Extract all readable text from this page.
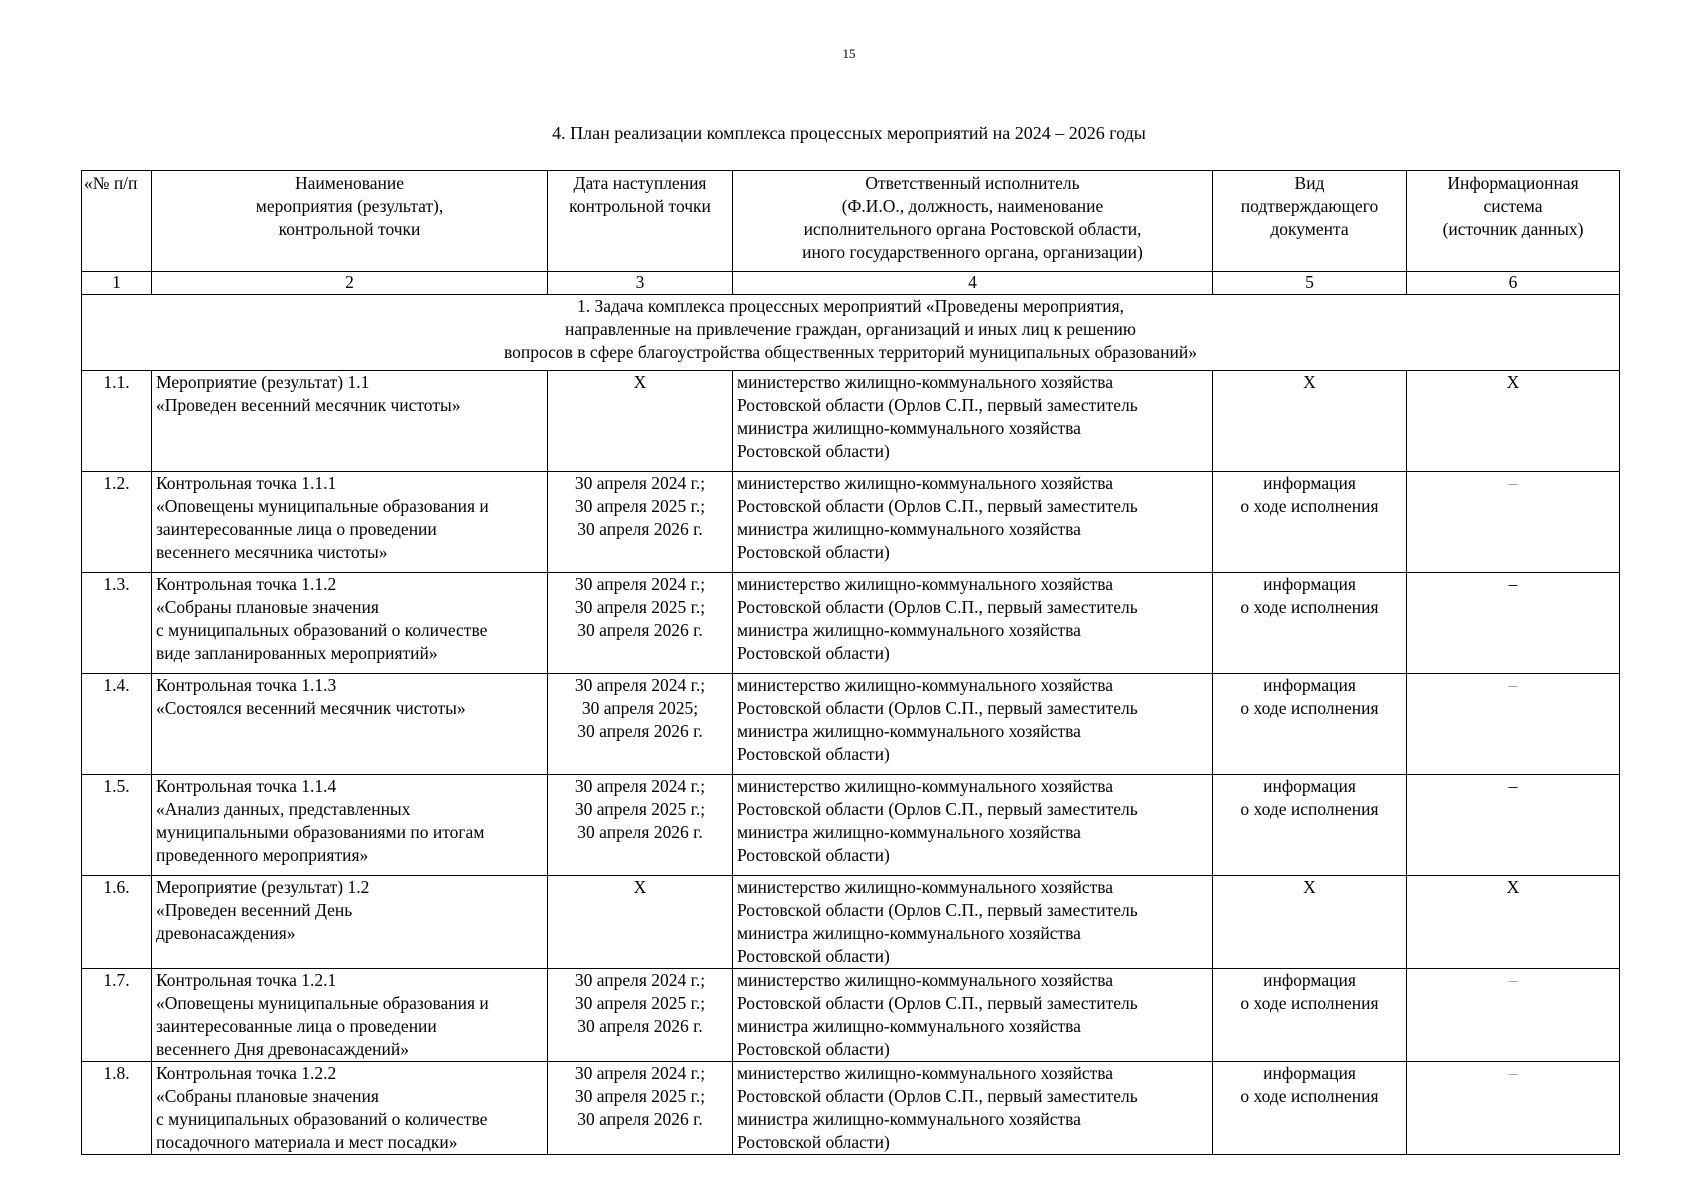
15
4. План реализации комплекса процессных мероприятий на 2024 – 2026 годы
«№ п/п	Наименование
мероприятия (результат),
контрольной точки	Дата наступления
контрольной точки	Ответственный исполнитель
(Ф.И.О., должность, наименование
исполнительного органа Ростовской области,
иного государственного органа, организации)	Вид
подтверждающего
документа	Информационная
система
(источник данных)

1	2	3	4	5	6

1. Задача комплекса процессных мероприятий «Проведены мероприятия,
направленные на привлечение граждан, организаций и иных лиц к решению
вопросов в сфере благоустройства общественных территорий муниципальных образований»					

1.1.	Мероприятие (результат) 1.1
«Проведен весенний месячник чистоты»	Х	министерство жилищно-коммунального хозяйства
Ростовской области (Орлов С.П., первый заместитель
министра жилищно-коммунального хозяйства
Ростовской области)	Х	Х
1.2.	Контрольная точка 1.1.1
«Оповещены муниципальные образования и
заинтересованные лица о проведении
весеннего месячника чистоты»	30 апреля 2024 г.;
30 апреля 2025 г.;
30 апреля 2026 г.	министерство жилищно-коммунального хозяйства
Ростовской области (Орлов С.П., первый заместитель
министра жилищно-коммунального хозяйства
Ростовской области)	информация
о ходе исполнения	–
1.3.	Контрольная точка 1.1.2
«Собраны плановые значения
с муниципальных образований о количестве
виде запланированных мероприятий»	30 апреля 2024 г.;
30 апреля 2025 г.;
30 апреля 2026 г.	министерство жилищно-коммунального хозяйства
Ростовской области (Орлов С.П., первый заместитель
министра жилищно-коммунального хозяйства
Ростовской области)	информация
о ходе исполнения	–
1.4.	Контрольная точка 1.1.3
«Состоялся весенний месячник чистоты»	30 апреля 2024 г.;
30 апреля 2025;
30 апреля 2026 г.	министерство жилищно-коммунального хозяйства
Ростовской области (Орлов С.П., первый заместитель
министра жилищно-коммунального хозяйства
Ростовской области)	информация
о ходе исполнения	–
1.5.	Контрольная точка 1.1.4
«Анализ данных, представленных
муниципальными образованиями по итогам
проведенного мероприятия»	30 апреля 2024 г.;
30 апреля 2025 г.;
30 апреля 2026 г.	министерство жилищно-коммунального хозяйства
Ростовской области (Орлов С.П., первый заместитель
министра жилищно-коммунального хозяйства
Ростовской области)	информация
о ходе исполнения	–
1.6.	Мероприятие (результат) 1.2
«Проведен весенний День
древонасаждения»	Х	министерство жилищно-коммунального хозяйства
Ростовской области (Орлов С.П., первый заместитель
министра жилищно-коммунального хозяйства
Ростовской области)	Х	Х
1.7.	Контрольная точка 1.2.1
«Оповещены муниципальные образования и
заинтересованные лица о проведении
весеннего Дня древонасаждений»	30 апреля 2024 г.;
30 апреля 2025 г.;
30 апреля 2026 г.	министерство жилищно-коммунального хозяйства
Ростовской области (Орлов С.П., первый заместитель
министра жилищно-коммунального хозяйства
Ростовской области)	информация
о ходе исполнения	–
1.8.	Контрольная точка 1.2.2
«Собраны плановые значения
с муниципальных образований о количестве
посадочного материала и мест посадки»	30 апреля 2024 г.;
30 апреля 2025 г.;
30 апреля 2026 г.	министерство жилищно-коммунального хозяйства
Ростовской области (Орлов С.П., первый заместитель
министра жилищно-коммунального хозяйства
Ростовской области)	информация
о ходе исполнения	–
